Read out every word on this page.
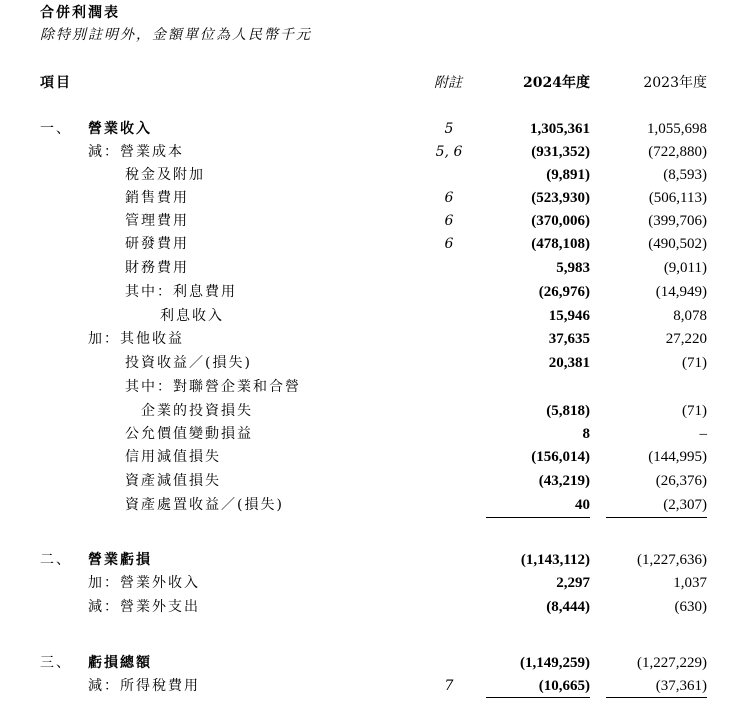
合併利潤表
除特別註明外，金額單位為人民幣千元
項目	附註	2024年度	2023年度
一、 營業收入	5	1,305,361	1,055,698
減：營業成本	5, 6	(931,352)	(722,880)
稅金及附加	(9,891)	(8,593)
銷售費用	6	(523,930)	(506,113)
管理費用	6	(370,006)	(399,706)
研發費用	6	(478,108)	(490,502)
財務費用	5,983	(9,011)
其中：利息費用	(26,976)	(14,949)
利息收入	15,946	8,078
加：其他收益	37,635	27,220
投資收益／(損失)	20,381	(71)
其中：對聯營企業和合營
企業的投資損失	(5,818)	(71)
公允價值變動損益	8	–
信用減值損失	(156,014)	(144,995)
資產減值損失	(43,219)	(26,376)
資產處置收益／(損失)	40	(2,307)
二、 營業虧損	(1,143,112)	(1,227,636)
加：營業外收入	2,297	1,037
減：營業外支出	(8,444)	(630)
三、 虧損總額	(1,149,259)	(1,227,229)
減：所得稅費用	7	(10,665)	(37,361)
